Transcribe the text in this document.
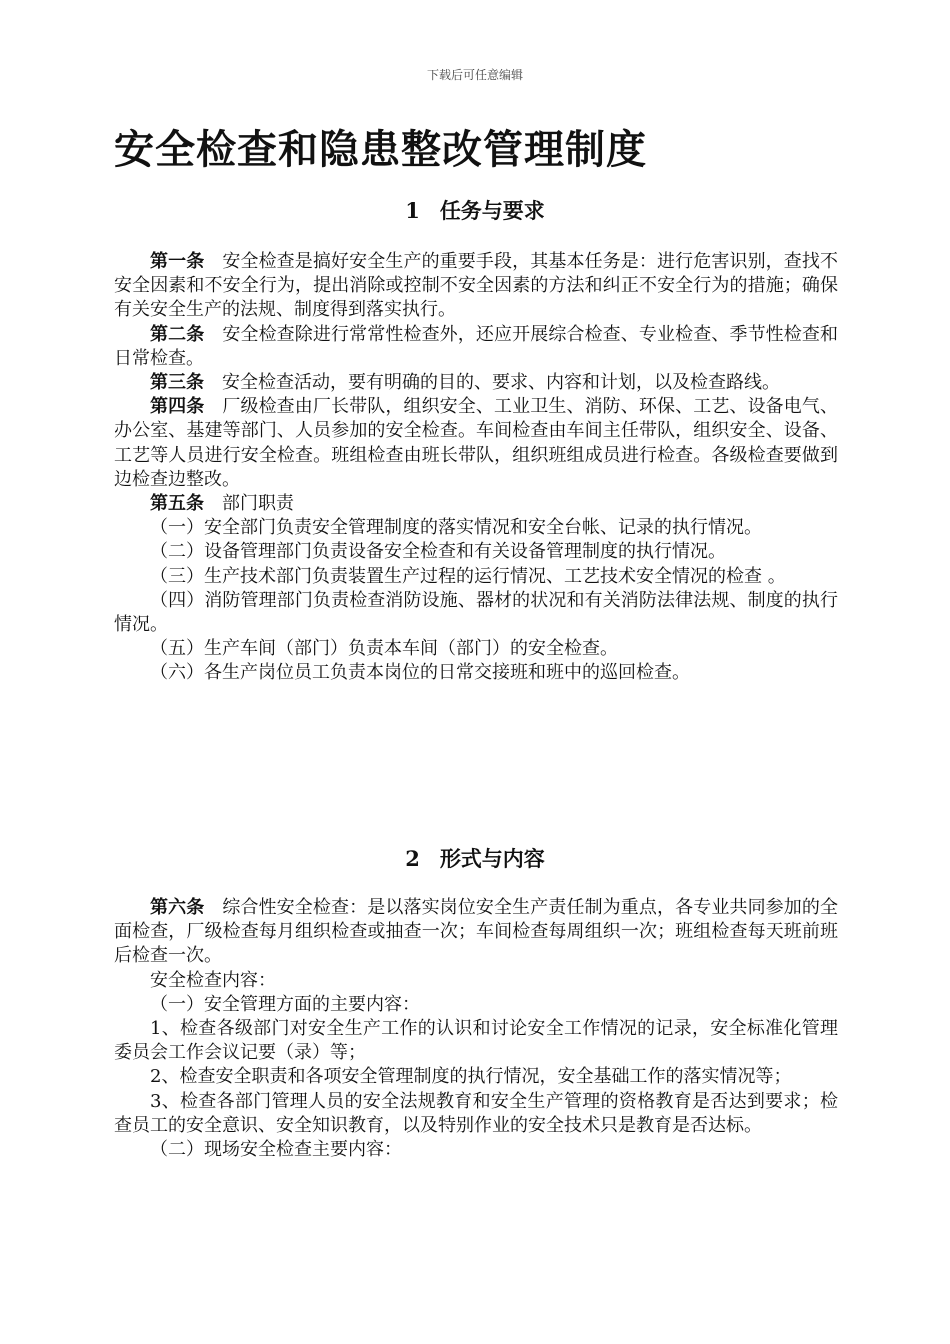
下载后可任意编辑
安全检查和隐患整改管理制度
1 任务与要求

第一条 安全检查是搞好安全生产的重要手段，其基本任务是：进行危害识别，查找不安全因素和不安全行为，提出消除或控制不安全因素的方法和纠正不安全行为的措施；确保有关安全生产的法规、制度得到落实执行。

第二条 安全检查除进行常常性检查外，还应开展综合检查、专业检查、季节性检查和日常检查。

第三条 安全检查活动，要有明确的目的、要求、内容和计划，以及检查路线。

第四条 厂级检查由厂长带队，组织安全、工业卫生、消防、环保、工艺、设备电气、办公室、基建等部门、人员参加的安全检查。车间检查由车间主任带队，组织安全、设备、工艺等人员进行安全检查。班组检查由班长带队，组织班组成员进行检查。各级检查要做到边检查边整改。

第五条 部门职责

（一）安全部门负责安全管理制度的落实情况和安全台帐、记录的执行情况。

（二）设备管理部门负责设备安全检查和有关设备管理制度的执行情况。

（三）生产技术部门负责装置生产过程的运行情况、工艺技术安全情况的检查 。

（四）消防管理部门负责检查消防设施、器材的状况和有关消防法律法规、制度的执行情况。

（五）生产车间（部门）负责本车间（部门）的安全检查。

（六）各生产岗位员工负责本岗位的日常交接班和班中的巡回检查。

2 形式与内容

第六条 综合性安全检查：是以落实岗位安全生产责任制为重点，各专业共同参加的全面检查，厂级检查每月组织检查或抽查一次；车间检查每周组织一次；班组检查每天班前班后检查一次。

安全检查内容：

（一）安全管理方面的主要内容：

1、检查各级部门对安全生产工作的认识和讨论安全工作情况的记录，安全标准化管理委员会工作会议记要（录）等；

2、检查安全职责和各项安全管理制度的执行情况，安全基础工作的落实情况等；

3、检查各部门管理人员的安全法规教育和安全生产管理的资格教育是否达到要求；检查员工的安全意识、安全知识教育，以及特别作业的安全技术只是教育是否达标。

（二）现场安全检查主要内容：
